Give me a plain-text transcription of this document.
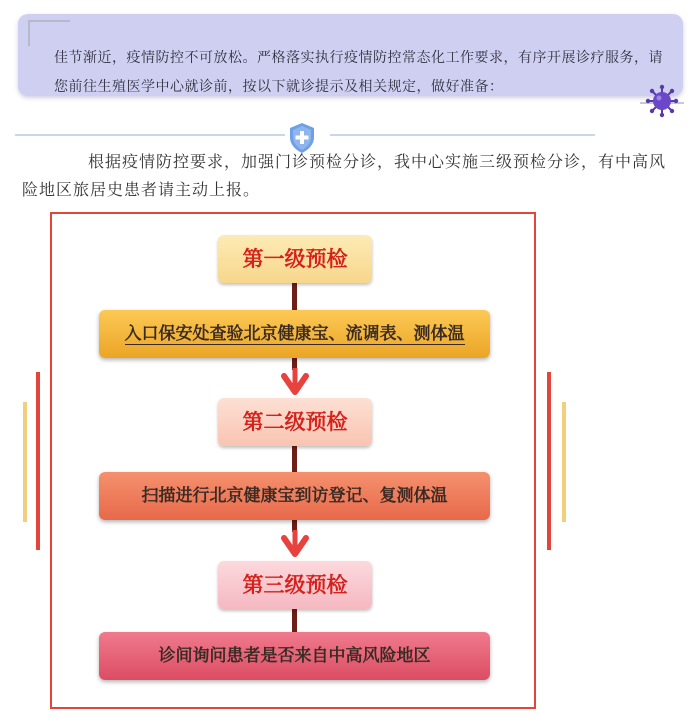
佳节渐近，疫情防控不可放松。严格落实执行疫情防控常态化工作要求，有序开展诊疗服务，请您前往生殖医学中心就诊前，按以下就诊提示及相关规定，做好准备：
根据疫情防控要求，加强门诊预检分诊，我中心实施三级预检分诊，有中高风险地区旅居史患者请主动上报。
第一级预检
入口保安处查验北京健康宝、流调表、测体温
第二级预检
扫描进行北京健康宝到访登记、复测体温
第三级预检
诊间询问患者是否来自中高风险地区
